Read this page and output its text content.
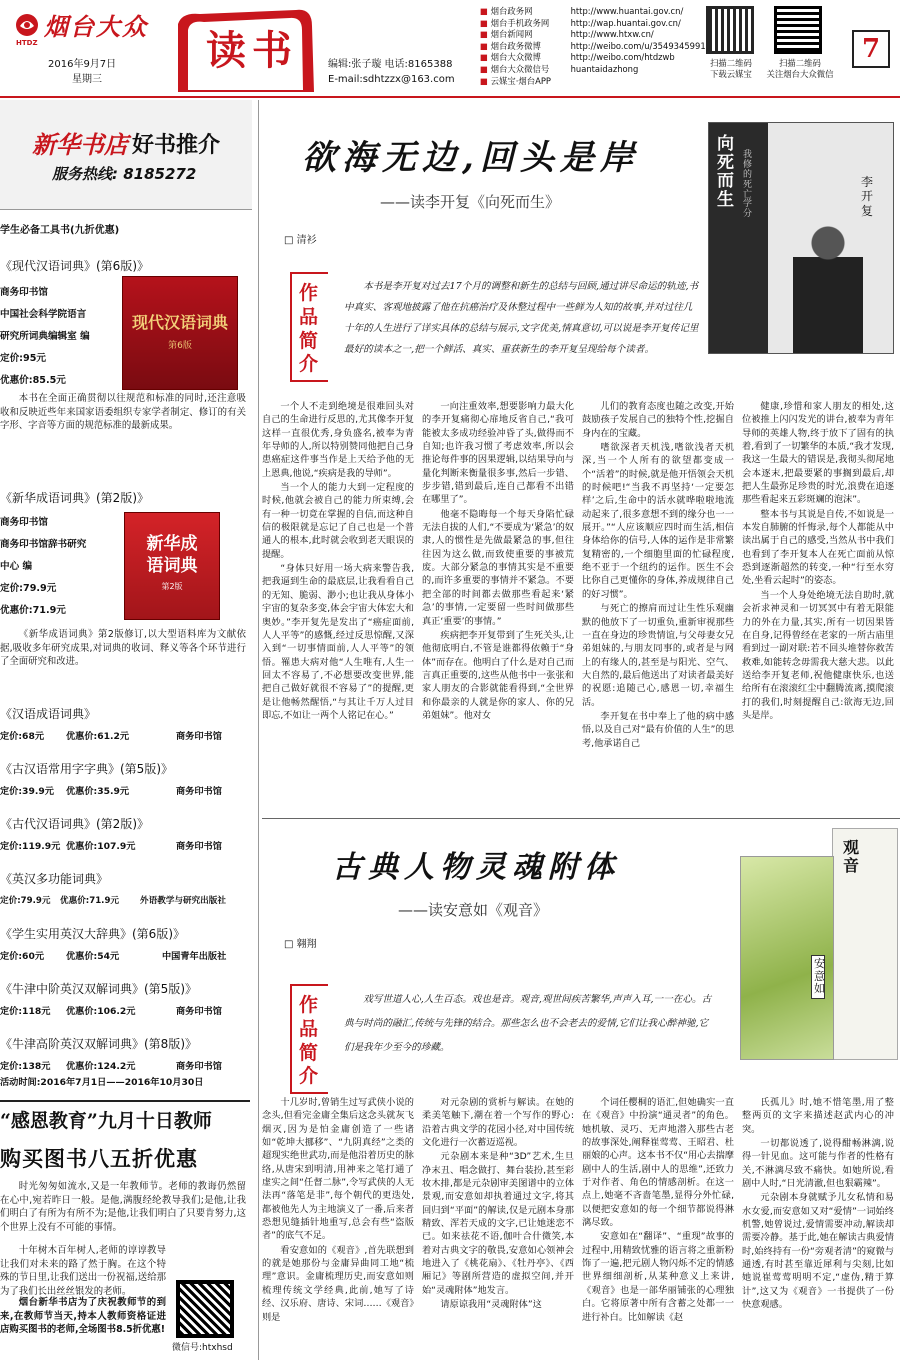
烟台大众
HTDZ
2016年9月7日
星期三
读书	编辑:张子璇 电话:8165388
E-mail:sdhtzzx@163.com
■ 烟台政务网	http://www.huantai.gov.cn/
■ 烟台手机政务网	http://wap.huantai.gov.cn/
■ 烟台新闻网	http://www.htxw.cn/
■ 烟台政务微博	http://weibo.com/u/3549345991
■ 烟台大众微博	http://weibo.com/htdzwb
■ 烟台大众微信号	huantaidazhong
■ 云媒宝·烟台APP
扫描二维码
下载云媒宝
扫描二维码
关注烟台大众微信
7
新华书店 好书推介
服务热线: 8185272
学生必备工具书(九折优惠)
《现代汉语词典》(第6版)》
商务印书馆
中国社会科学院语言
研究所词典编辑室 编
定价:95元
优惠价:85.5元
现代汉语词典
第6版
本书在全面正确贯彻以往规范和标准的同时,还注意吸收和反映近些年来国家语委组织专家学者制定、修订的有关字形、字音等方面的规范标准的最新成果。
《新华成语词典》(第2版)》
商务印书馆
商务印书馆辞书研究
中心 编
定价:79.9元
优惠价:71.9元
新华成语词典
第2版
《新华成语词典》第2版修订,以大型语料库为文献依据,吸收多年研究成果,对词典的收词、释义等各个环节进行了全面研究和改进。
《汉语成语词典》
定价:68元 优惠价:61.2元	商务印书馆
《古汉语常用字字典》(第5版)》
定价:39.9元 优惠价:35.9元	商务印书馆
《古代汉语词典》(第2版)》
定价:119.9元 优惠价:107.9元	商务印书馆
《英汉多功能词典》
定价:79.9元 优惠价:71.9元 外语教学与研究出版社
《学生实用英汉大辞典》(第6版)》
定价:60元 优惠价:54元	中国青年出版社
《牛津中阶英汉双解词典》(第5版)》
定价:118元 优惠价:106.2元	商务印书馆
《牛津高阶英汉双解词典》(第8版)》
定价:138元 优惠价:124.2元	商务印书馆
活动时间:2016年7月1日——2016年10月30日
“感恩教育”九月十日教师
购买图书八五折优惠
时光匆匆如流水,又是一年教师节。老师的教诲仍然留在心中,宛若昨日一般。是他,满腹经纶教导我们;是他,让我们明白了有所为有所不为;是他,让我们明白了只要肯努力,这个世界上没有不可能的事情。
十年树木百年树人,老师的谆谆教导让我们对未来的路了然于胸。在这个特殊的节日里,让我们送出一份祝福,送给那为了我们长出丝丝银发的老师。
烟台新华书店为了庆祝教师节的到来,在教师节当天,持本人教师资格证进店购买图书的老师,全场图书8.5折优惠!
微信号:htxhsd
欲海无边,回头是岸
——读李开复《向死而生》
□ 清衫
向死而生
我修的死亡学分
李开复
作品简介
本书是李开复对过去17个月的调整和新生的总结与回顾,通过讲尽命运的轨迹,书中真实、客观地披露了他在抗癌治疗及休整过程中一些鲜为人知的故事,并对过往几十年的人生进行了详实具体的总结与展示,文字优美,情真意切,可以说是李开复传记里最好的读本之一,把一个鲜活、真实、重获新生的李开复呈现给每个读者。
一个人不走到绝境是很难回头对自己的生命进行反思的,尤其像李开复这样一直很优秀,身负盛名,被奉为青年导师的人,所以特别赞同他把自己身患癌症这件事当作是上天给予他的无上恩典,他说,“疾病是我的导师”。
当一个人的能力大到一定程度的时候,他就会被自己的能力所束缚,会有一种一切竟在掌握的自信,而这种自信的极限就是忘记了自己也是一个普通人的根本,此时就会收到老天眼误的提醒。
“身体只好用一场大病来警告我,把我逼到生命的最底层,让我看看自己的无知、脆弱、渺小;也让我从身体小宇宙的复杂多变,体会宇宙大体宏大和奥妙。”李开复先是发出了“癌症面前,人人平等”的感慨,经过反思惊醒,又深入到“一切事情面前,人人平等”的领悟。罹患大病对他“人生唯有,人生一回太不容易了,不必想要改变世界,能把自己做好就很不容易了”的提醒,更是让他畅然醒悟,“与其让千万人过目即忘,不如让一两个人铭记在心。”
一向注重效率,想要影响力最大化的李开复痛彻心扉地反省自己,“我可能被太多成功经验冲昏了头,做得而不自知;也许我习惯了考虑效率,所以会推论每件事的因果逻辑,以结果导向与量化判断来衡量很多事,然后一步错、步步错,错到最后,连自己都看不出错在哪里了”。
他毫不隐晦每一个每天身陷忙碌无法自拔的人们,“不要成为‘紧急’的奴隶,人的惯性是先做最紧急的事,但往往因为这么做,而致使重要的事被荒废。大部分紧急的事情其实是不重要的,而许多重要的事情并不紧急。不要把全部的时间都去做那些看起来‘紧急’的事情,一定要留一些时间做那些真正‘重要’的事情。”
疾病把李开复带到了生死关头,让他彻底明白,不管是谁都得依赖于“身体”而存在。他明白了什么是对自己而言真正重要的,这些从他书中一张张和家人朋友的合影就能看得到,“全世界和你最亲的人就是你的家人、你的兄弟姐妹”。他对女
儿们的教育态度也随之改变,开始鼓励孩子发展自己的独特个性,挖掘自身内在的宝藏。
嗜欲深者天机浅,嗜欲浅者天机深,当一个人所有的欲望都变成一个“活着”的时候,就是他开悟领会天机的时候吧!“当我不再坚持‘一定要怎样’之后,生命中的活水就哗啦啦地流动起来了,很多意想不到的缘分也一一展开。”“人应该顺应四时而生活,相信身体给你的信号,人体的运作是非常繁复精密的,一个细胞里面的忙碌程度,绝不亚于一个纽约的运作。医生不会比你自己更懂你的身体,养成规律自己的好习惯”。
与死亡的擦肩而过让生性乐观幽默的他放下了一切重负,重新审视那些一直在身边的珍贵情谊,与父母妻女兄弟姐妹的,与朋友同事的,或者是与网上的有缘人的,甚至是与阳光、空气、大自然的,最后他送出了对读者最美好的祝愿:追随己心,感恩一切,幸福生活。
李开复在书中奉上了他的病中感悟,以及自己对“最有价值的人生”的思考,他承诺自己
健康,珍惜和家人朋友的相处,这位被推上闪闪发光的讲台,被奉为青年导师的英雄人物,终于放下了固有的执着,看到了一切繁华的本质,“我才发现,我这一生最大的错误是,我彻头彻尾地会本逐末,把最要紧的事搁到最后,却把人生最弥足珍贵的时光,浪费在追逐那些看起来五彩斑斓的泡沫”。
整本书与其说是自传,不如说是一本发自肺腑的忏悔录,每个人都能从中读出属于自己的感受,当然从书中我们也看到了李开复本人在死亡面前从惊恐到逐渐超然的转变,一种“行至水穷处,坐看云起时”的姿态。
当一个人身处绝境无法自助时,就会祈求神灵和一切冥冥中有着无限能力的外在力量,其实,所有一切因果皆在自身,记得曾经在老家的一所古庙里看到过一副对联:若不回头堆替你救苦救难,如能转念毋需我大慈大悲。以此送给李开复老师,祝他健康快乐,也送给所有在滚滚红尘中翻腾流离,摸爬滚打的我们,时刻提醒自己:欲海无边,回头是岸。
古典人物灵魂附体
——读安意如《观音》
□ 翱翔
观音
安意如
作品简介
戏写世道人心,人生百态。戏也是音。观音,观世间疾苦繁华,声声入耳,一一在心。古典与时尚的融汇,传统与先锋的结合。那些怎么也不会老去的爱情,它们让我心醉神驰,它们是我年少至今的珍藏。
十几岁时,曾销生过写武侠小说的念头,但看完金庸全集后这念头就灰飞烟灭,因为是怕金庸创造了一些诸如“乾坤大挪移”、“九阴真经”之类的超现实绝世武功,而是他沿着历史的脉络,从唐宋到明清,用神来之笔打通了虚实之间“任督二脉”,令写武侠的人无法再“落笔是非”,每个朝代的更迭处,都被他先人为主地演义了一番,后来者恐想见缝插针地重写,总会有些“盗版者”的底气不足。
看安意如的《观音》,首先联想到的就是她那份与金庸异曲同工地“梳理”意识。金庸梳理历史,而安意如则梳理传统文学经典,此前,她写了诗经、汉乐府、唐诗、宋词……《观音》则是
对元杂剧的赏析与解读。在她的柔美笔触下,潮在着一个写作的野心:沿着古典文学的花园小径,对中国传统文化进行一次蓄迈巡视。
元杂剧本来是种“3D”艺术,生旦净末丑、唱念做打、舞台装扮,甚至彩妆木排,都是元杂剧审美图谱中的立体景观,而安意如却执着通过文字,将其回归到“平面”的解读,仅是元剧本身那精致、浑若天成的文字,已让她迷恋不已。如来祛花不语,伽叶合什微笑,本着对古典文字的敬畏,安意如心领神会地进入了《桃花扇》、《牡丹亭》、《西厢记》等剧所营造的虚拟空间,并开始“灵魂附体”地发言。
请原谅我用“灵魂附体”这
个词任樱桐的语汇,但她确实一直在《观音》中扮演“通灵者”的角色。她机敏、灵巧、无声地潜入那些古老的故事深处,阐释崔莺莺、王昭君、杜丽娘的心声。这本书不仅“用心去揣摩剧中人的生活,剧中人的思维”,还致力于对作者、角色的情感剖析。在这一点上,她毫不吝啬笔墨,显得分外忙碌,以便把安意如的每一个细节都说得淋漓尽致。
安意如在“翻译”、“重现”故事的过程中,用精致忧雅的语言将之重新粉饰了一遍,把元剧人物闪烁不定的情感世界细细剖析,从某种意义上来讲,《观音》也是一部华丽铺张的心理独白。它将原著中所有含蓄之处都一一进行补白。比如解读《赵
氏孤儿》时,她不惜笔墨,用了整整两页的文字来描述赵武内心的冲突。
一切都说透了,说得酣畅淋漓,说得一针见血。这可能与作者的性格有关,不淋漓尽致不痛快。如她所说,看剧中人时,“日光清澈,但也狠霸辣”。
元杂剧本身就赋予儿女私情和易水女爱,而安意如又对“爱情”一词始终机警,她曾说过,爱情需要冲动,解读却需要冷静。基于此,她在解读古典爱情时,始终持有一份“旁观者清”的窥微与通透,有时甚至靠近犀利与尖刻,比如她说崔莺莺明明不定,“虚伪,精于算计”,这又为《观音》一书提供了一份快意观感。
